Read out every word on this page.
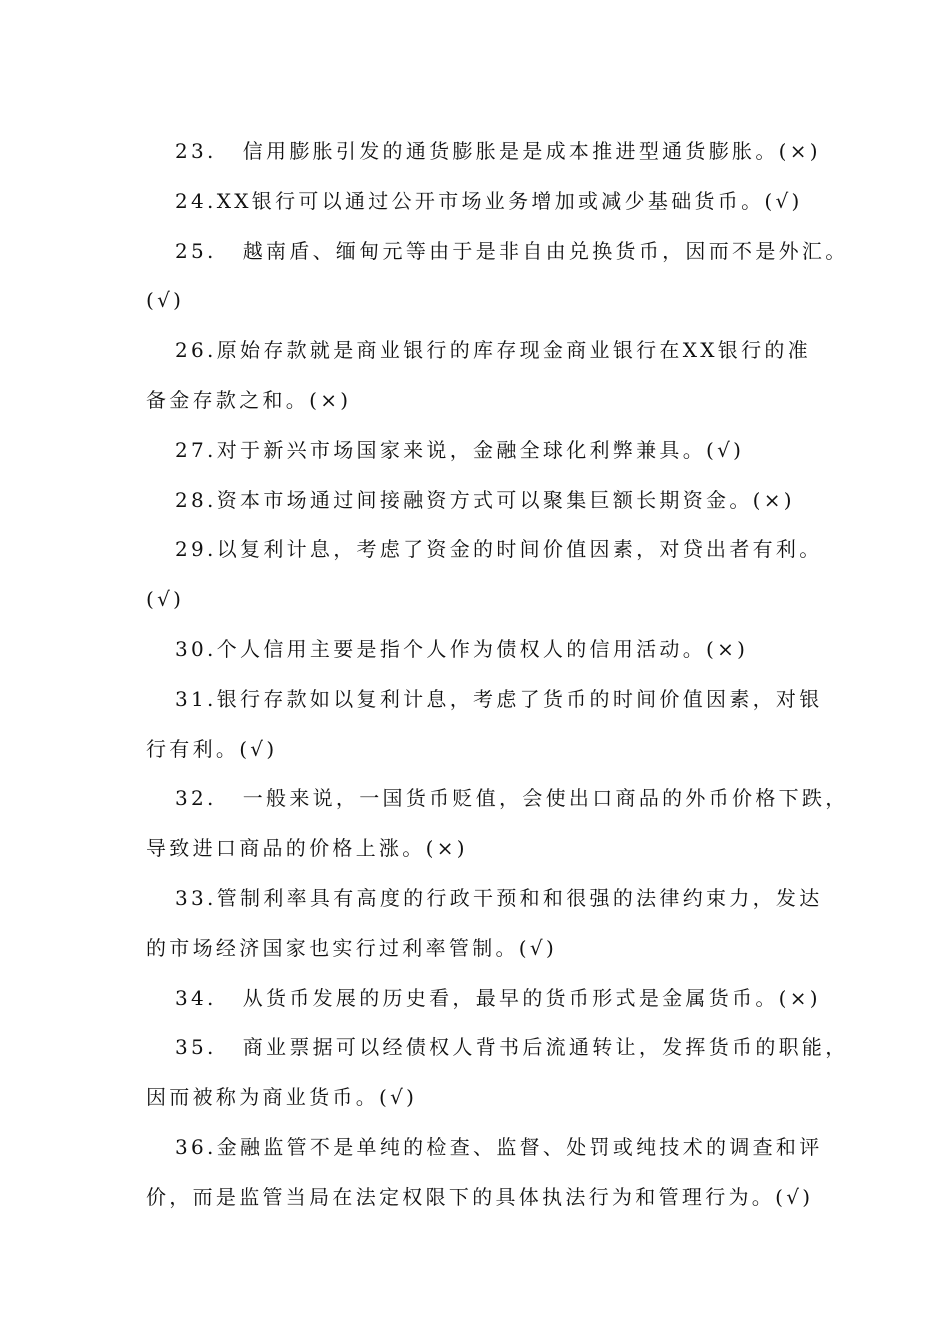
23. 信用膨胀引发的通货膨胀是是成本推进型通货膨胀。(×)
24.XX银行可以通过公开市场业务增加或减少基础货币。(√)
25. 越南盾、缅甸元等由于是非自由兑换货币，因而不是外汇。
(√)
26.原始存款就是商业银行的库存现金商业银行在XX银行的准
备金存款之和。(×)
27.对于新兴市场国家来说，金融全球化利弊兼具。(√)
28.资本市场通过间接融资方式可以聚集巨额长期资金。(×)
29.以复利计息，考虑了资金的时间价值因素，对贷出者有利。
(√)
30.个人信用主要是指个人作为债权人的信用活动。(×)
31.银行存款如以复利计息，考虑了货币的时间价值因素，对银
行有利。(√)
32. 一般来说，一国货币贬值，会使出口商品的外币价格下跌，
导致进口商品的价格上涨。(×)
33.管制利率具有高度的行政干预和和很强的法律约束力，发达
的市场经济国家也实行过利率管制。(√)
34. 从货币发展的历史看，最早的货币形式是金属货币。(×)
35. 商业票据可以经债权人背书后流通转让，发挥货币的职能，
因而被称为商业货币。(√)
36.金融监管不是单纯的检查、监督、处罚或纯技术的调查和评
价，而是监管当局在法定权限下的具体执法行为和管理行为。(√)
